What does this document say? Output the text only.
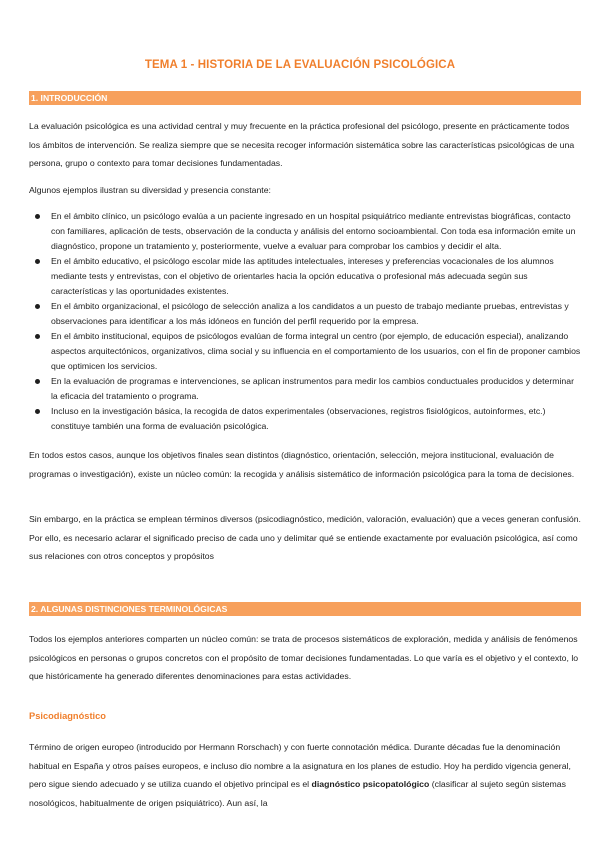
TEMA 1 - HISTORIA DE LA EVALUACIÓN PSICOLÓGICA
1. INTRODUCCIÓN

La evaluación psicológica es una actividad central y muy frecuente en la práctica profesional del psicólogo, presente en prácticamente todos los ámbitos de intervención. Se realiza siempre que se necesita recoger información sistemática sobre las características psicológicas de una persona, grupo o contexto para tomar decisiones fundamentadas.

Algunos ejemplos ilustran su diversidad y presencia constante:

En el ámbito clínico, un psicólogo evalúa a un paciente ingresado en un hospital psiquiátrico mediante entrevistas biográficas, contacto con familiares, aplicación de tests, observación de la conducta y análisis del entorno socioambiental. Con toda esa información emite un diagnóstico, propone un tratamiento y, posteriormente, vuelve a evaluar para comprobar los cambios y decidir el alta.
En el ámbito educativo, el psicólogo escolar mide las aptitudes intelectuales, intereses y preferencias vocacionales de los alumnos mediante tests y entrevistas, con el objetivo de orientarles hacia la opción educativa o profesional más adecuada según sus características y las oportunidades existentes.
En el ámbito organizacional, el psicólogo de selección analiza a los candidatos a un puesto de trabajo mediante pruebas, entrevistas y observaciones para identificar a los más idóneos en función del perfil requerido por la empresa.
En el ámbito institucional, equipos de psicólogos evalúan de forma integral un centro (por ejemplo, de educación especial), analizando aspectos arquitectónicos, organizativos, clima social y su influencia en el comportamiento de los usuarios, con el fin de proponer cambios que optimicen los servicios.
En la evaluación de programas e intervenciones, se aplican instrumentos para medir los cambios conductuales producidos y determinar la eficacia del tratamiento o programa.
Incluso en la investigación básica, la recogida de datos experimentales (observaciones, registros fisiológicos, autoinformes, etc.) constituye también una forma de evaluación psicológica.

En todos estos casos, aunque los objetivos finales sean distintos (diagnóstico, orientación, selección, mejora institucional, evaluación de programas o investigación), existe un núcleo común: la recogida y análisis sistemático de información psicológica para la toma de decisiones.

Sin embargo, en la práctica se emplean términos diversos (psicodiagnóstico, medición, valoración, evaluación) que a veces generan confusión. Por ello, es necesario aclarar el significado preciso de cada uno y delimitar qué se entiende exactamente por evaluación psicológica, así como sus relaciones con otros conceptos y propósitos

2. ALGUNAS DISTINCIONES TERMINOLÓGICAS

Todos los ejemplos anteriores comparten un núcleo común: se trata de procesos sistemáticos de exploración, medida y análisis de fenómenos psicológicos en personas o grupos concretos con el propósito de tomar decisiones fundamentadas. Lo que varía es el objetivo y el contexto, lo que históricamente ha generado diferentes denominaciones para estas actividades.

Psicodiagnóstico

Término de origen europeo (introducido por Hermann Rorschach) y con fuerte connotación médica. Durante décadas fue la denominación habitual en España y otros países europeos, e incluso dio nombre a la asignatura en los planes de estudio. Hoy ha perdido vigencia general, pero sigue siendo adecuado y se utiliza cuando el objetivo principal es el diagnóstico psicopatológico (clasificar al sujeto según sistemas nosológicos, habitualmente de origen psiquiátrico). Aun así, la
